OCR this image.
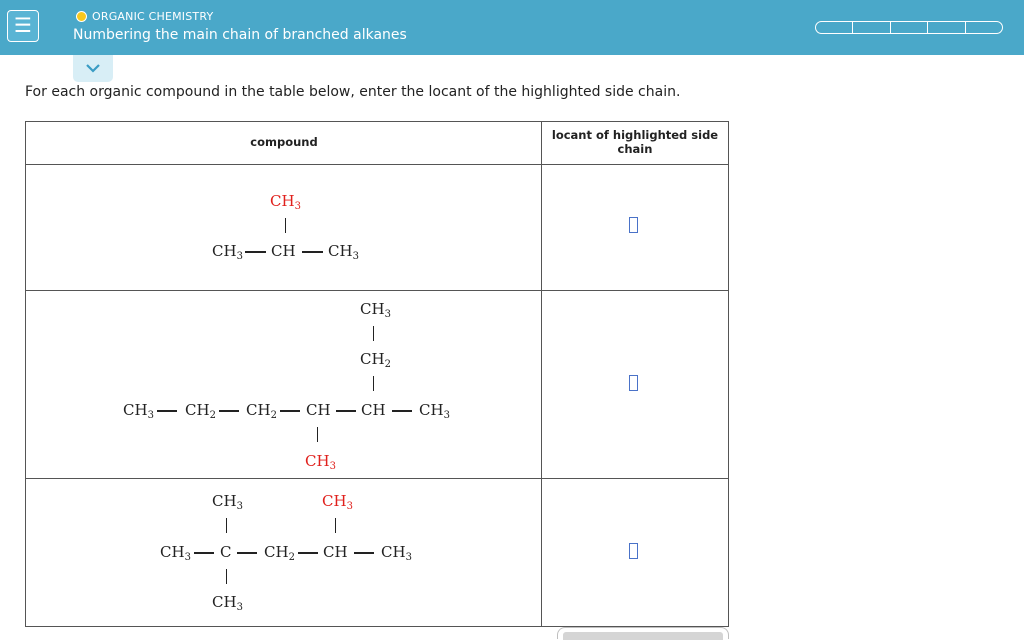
☰	ORGANIC CHEMISTRY
Numbering the main chain of branched alkanes
For each organic compound in the table below, enter the locant of the highlighted side chain.
compound	locant of highlighted side chain
$CH_3$
$CH_3$ CH $CH_3$
$CH_3$
$CH_2$
$CH_3$ $CH_2$ $CH_2$ CH CH $CH_3$
$CH_3$
$CH_3$	$CH_3$
$CH_3$ C $CH_2$ CH $CH_3$
$CH_3$
